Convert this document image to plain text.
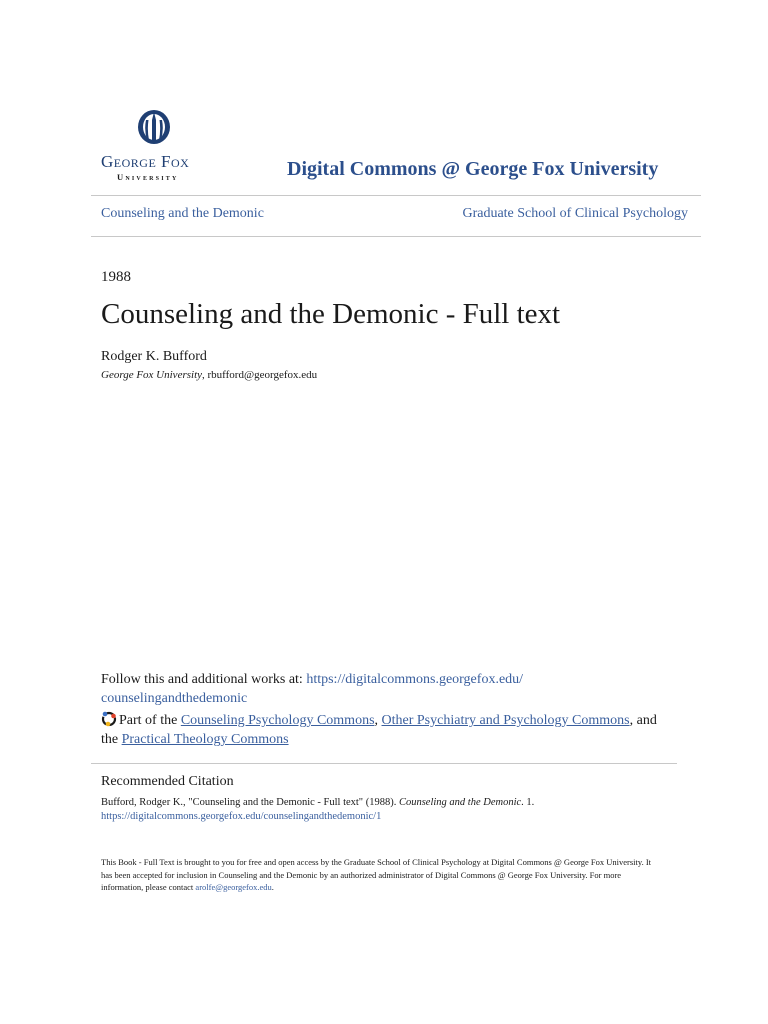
George Fox
University	Digital Commons @ George Fox University
Counseling and the Demonic	Graduate School of Clinical Psychology
1988
Counseling and the Demonic - Full text
Rodger K. Bufford
George Fox University, rbufford@georgefox.edu
Follow this and additional works at: https://digitalcommons.georgefox.edu/
counselingandthedemonic
Part of the Counseling Psychology Commons, Other Psychiatry and Psychology Commons, and
the Practical Theology Commons
Recommended Citation
Bufford, Rodger K., "Counseling and the Demonic - Full text" (1988). Counseling and the Demonic. 1.
https://digitalcommons.georgefox.edu/counselingandthedemonic/1
This Book - Full Text is brought to you for free and open access by the Graduate School of Clinical Psychology at Digital Commons @ George Fox University. It has been accepted for inclusion in Counseling and the Demonic by an authorized administrator of Digital Commons @ George Fox University. For more information, please contact arolfe@georgefox.edu.
